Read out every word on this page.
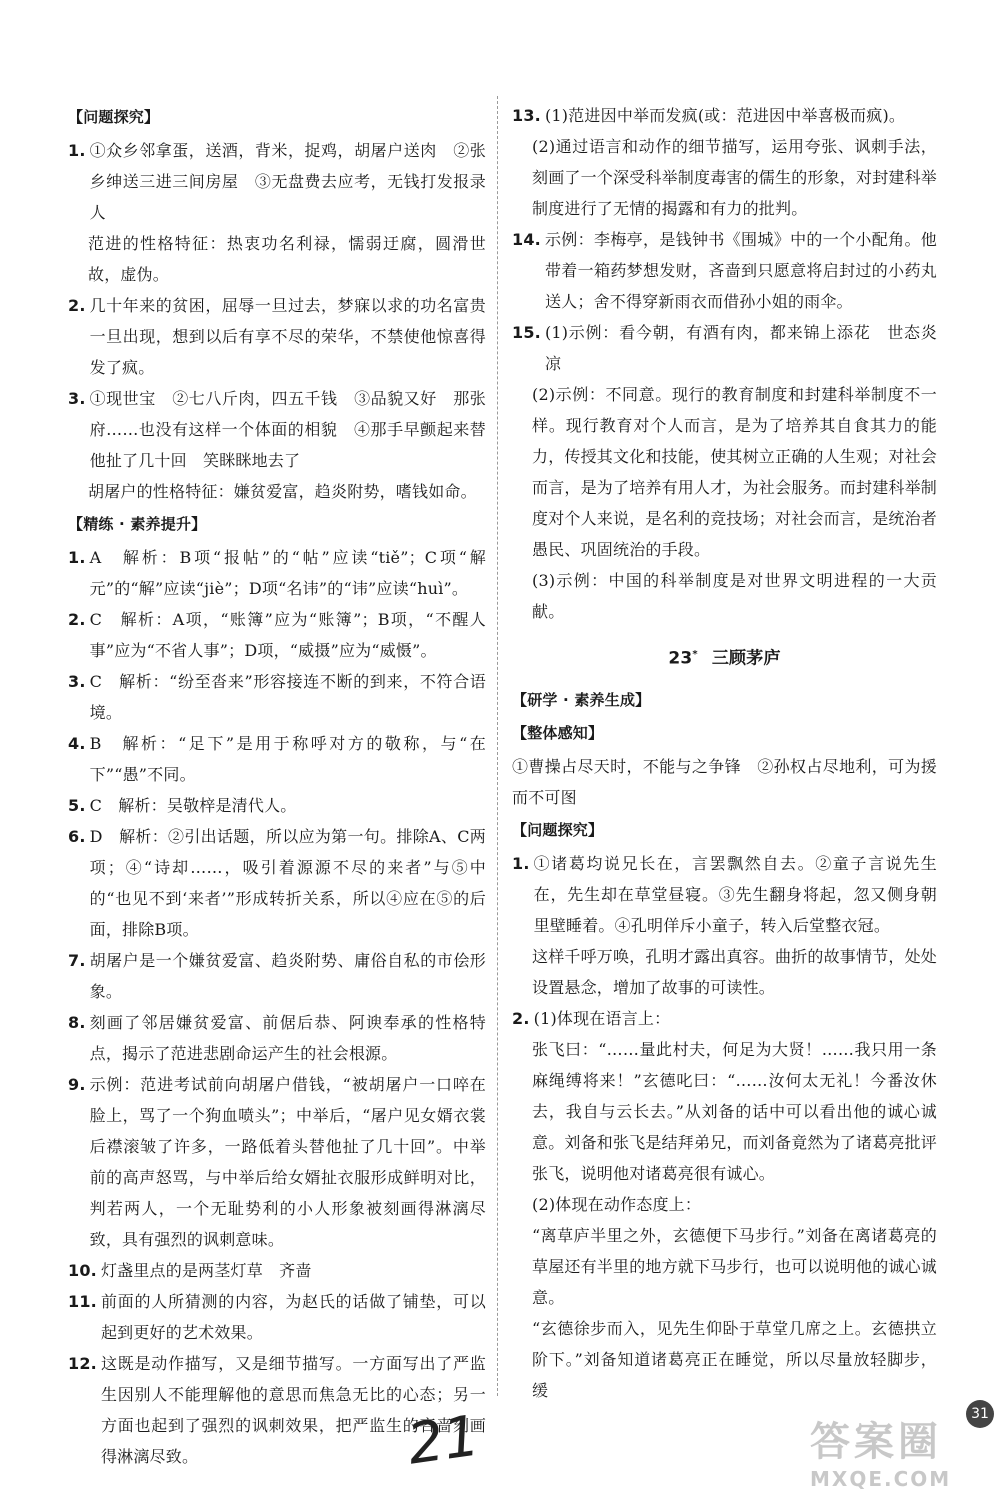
【问题探究】
1. ①众乡邻拿蛋，送酒，背米，捉鸡，胡屠户送肉　②张乡绅送三进三间房屋　③无盘费去应考，无钱打发报录人
范进的性格特征：热衷功名利禄，懦弱迂腐，圆滑世故，虚伪。
2. 几十年来的贫困，屈辱一旦过去，梦寐以求的功名富贵一旦出现，想到以后有享不尽的荣华，不禁使他惊喜得发了疯。
3. ①现世宝　②七八斤肉，四五千钱　③品貌又好　那张府……也没有这样一个体面的相貌　④那手早颤起来替他扯了几十回　笑眯眯地去了
胡屠户的性格特征：嫌贫爱富，趋炎附势，嗜钱如命。
【精练 · 素养提升】
1. A　解析：B项“报帖”的“帖”应读“tiě”；C项“解元”的“解”应读“jiè”；D项“名讳”的“讳”应读“huì”。
2. C　解析：A项，“账簿”应为“账簿”；B项，“不醒人事”应为“不省人事”；D项，“威摄”应为“威慑”。
3. C　解析：“纷至沓来”形容接连不断的到来，不符合语境。
4. B　解析：“足下”是用于称呼对方的敬称，与“在下”“愚”不同。
5. C　解析：吴敬梓是清代人。
6. D　解析：②引出话题，所以应为第一句。排除A、C两项；④“诗却……，吸引着源源不尽的来者”与⑤中的“也见不到‘来者’”形成转折关系，所以④应在⑤的后面，排除B项。
7. 胡屠户是一个嫌贫爱富、趋炎附势、庸俗自私的市侩形象。
8. 刻画了邻居嫌贫爱富、前倨后恭、阿谀奉承的性格特点，揭示了范进悲剧命运产生的社会根源。
9. 示例：范进考试前向胡屠户借钱，“被胡屠户一口啐在脸上，骂了一个狗血喷头”；中举后，“屠户见女婿衣裳后襟滚皱了许多，一路低着头替他扯了几十回”。中举前的高声怒骂，与中举后给女婿扯衣服形成鲜明对比，判若两人，一个无耻势利的小人形象被刻画得淋漓尽致，具有强烈的讽刺意味。
10. 灯盏里点的是两茎灯草　齐啬
11. 前面的人所猜测的内容，为赵氏的话做了铺垫，可以起到更好的艺术效果。
12. 这既是动作描写，又是细节描写。一方面写出了严监生因别人不能理解他的意思而焦急无比的心态；另一方面也起到了强烈的讽刺效果，把严监生的吝啬刻画得淋漓尽致。
13. (1)范进因中举而发疯(或：范进因中举喜极而疯)。
(2)通过语言和动作的细节描写，运用夸张、讽刺手法，刻画了一个深受科举制度毒害的儒生的形象，对封建科举制度进行了无情的揭露和有力的批判。
14. 示例：李梅亭，是钱钟书《围城》中的一个小配角。他带着一箱药梦想发财，吝啬到只愿意将启封过的小药丸送人；舍不得穿新雨衣而借孙小姐的雨伞。
15. (1)示例：看今朝，有酒有肉，都来锦上添花　世态炎凉
(2)示例：不同意。现行的教育制度和封建科举制度不一样。现行教育对个人而言，是为了培养其自食其力的能力，传授其文化和技能，使其树立正确的人生观；对社会而言，是为了培养有用人才，为社会服务。而封建科举制度对个人来说，是名利的竞技场；对社会而言，是统治者愚民、巩固统治的手段。
(3)示例：中国的科举制度是对世界文明进程的一大贡献。
23* 三顾茅庐
【研学 · 素养生成】
【整体感知】
①曹操占尽天时，不能与之争锋　②孙权占尽地利，可为援而不可图
【问题探究】
1. ①诸葛均说兄长在，言罢飘然自去。②童子言说先生在，先生却在草堂昼寝。③先生翻身将起，忽又侧身朝里壁睡着。④孔明佯斥小童子，转入后堂整衣冠。
这样千呼万唤，孔明才露出真容。曲折的故事情节，处处设置悬念，增加了故事的可读性。
2. (1)体现在语言上：
张飞曰：“……量此村夫，何足为大贤！……我只用一条麻绳缚将来！”玄德叱曰：“……汝何太无礼！今番汝休去，我自与云长去。”从刘备的话中可以看出他的诚心诚意。刘备和张飞是结拜弟兄，而刘备竟然为了诸葛亮批评张飞，说明他对诸葛亮很有诚心。
(2)体现在动作态度上：
“离草庐半里之外，玄德便下马步行。”刘备在离诸葛亮的草屋还有半里的地方就下马步行，也可以说明他的诚心诚意。
“玄德徐步而入，见先生仰卧于草堂几席之上。玄德拱立阶下。”刘备知道诸葛亮正在睡觉，所以尽量放轻脚步，缓
21	31
答案圈
MXQE.COM
